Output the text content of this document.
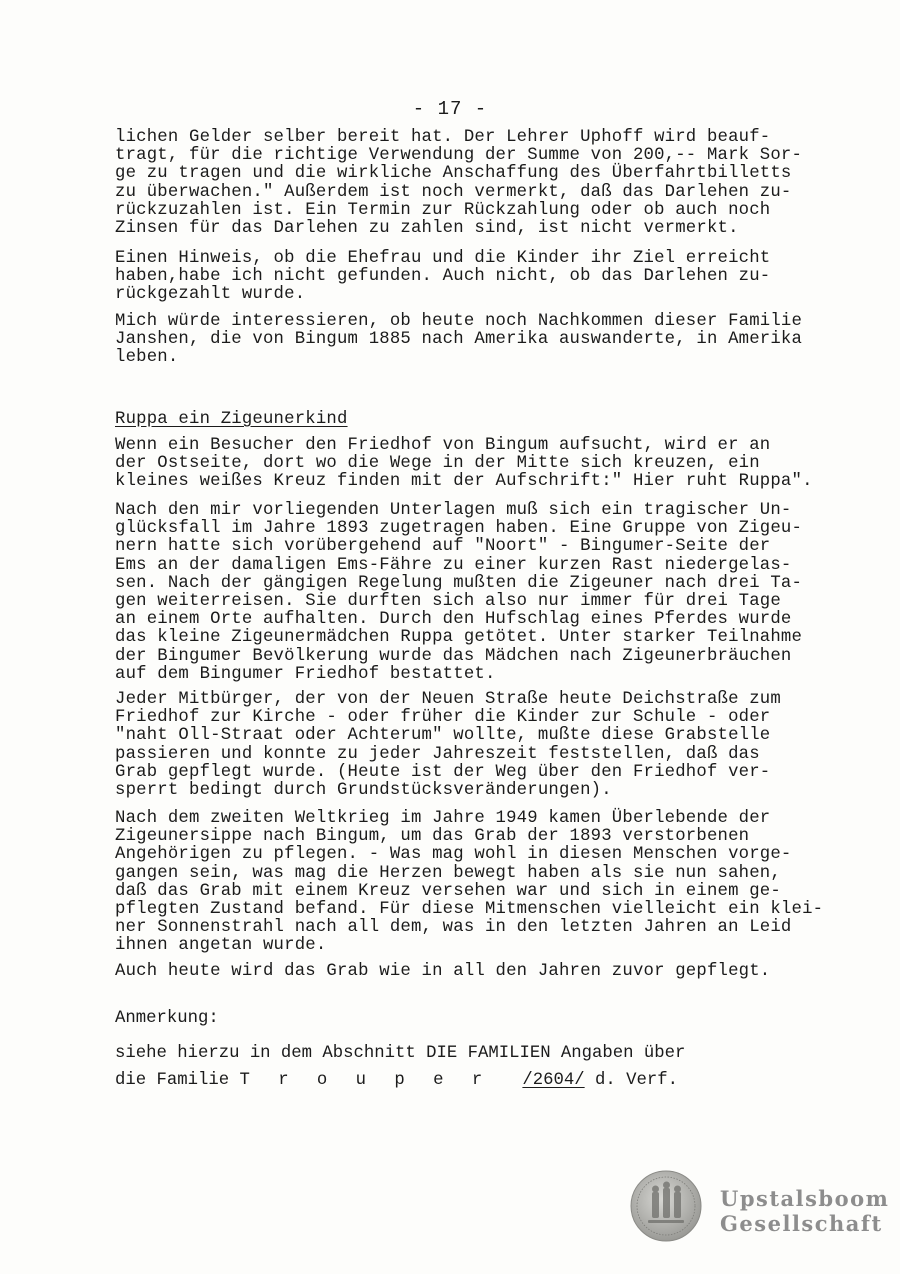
- 17 -
lichen Gelder selber bereit hat. Der Lehrer Uphoff wird beauf-
tragt, für die richtige Verwendung der Summe von 200,-- Mark Sor-
ge zu tragen und die wirkliche Anschaffung des Überfahrtbilletts
zu überwachen." Außerdem ist noch vermerkt, daß das Darlehen zu-
rückzuzahlen ist. Ein Termin zur Rückzahlung oder ob auch noch
Zinsen für das Darlehen zu zahlen sind, ist nicht vermerkt.
Einen Hinweis, ob die Ehefrau und die Kinder ihr Ziel erreicht
haben,habe ich nicht gefunden. Auch nicht, ob das Darlehen zu-
rückgezahlt wurde.
Mich würde interessieren, ob heute noch Nachkommen dieser Familie
Janshen, die von Bingum 1885 nach Amerika auswanderte, in Amerika
leben.
Ruppa ein Zigeunerkind
Wenn ein Besucher den Friedhof von Bingum aufsucht, wird er an
der Ostseite, dort wo die Wege in der Mitte sich kreuzen, ein
kleines weißes Kreuz finden mit der Aufschrift:" Hier ruht Ruppa".
Nach den mir vorliegenden Unterlagen muß sich ein tragischer Un-
glücksfall im Jahre 1893 zugetragen haben. Eine Gruppe von Zigeu-
nern hatte sich vorübergehend auf "Noort" - Bingumer-Seite der
Ems an der damaligen Ems-Fähre zu einer kurzen Rast niedergelas-
sen. Nach der gängigen Regelung mußten die Zigeuner nach drei Ta-
gen weiterreisen. Sie durften sich also nur immer für drei Tage
an einem Orte aufhalten. Durch den Hufschlag eines Pferdes wurde
das kleine Zigeunermädchen Ruppa getötet. Unter starker Teilnahme
der Bingumer Bevölkerung wurde das Mädchen nach Zigeunerbräuchen
auf dem Bingumer Friedhof bestattet.
Jeder Mitbürger, der von der Neuen Straße heute Deichstraße zum
Friedhof zur Kirche - oder früher die Kinder zur Schule - oder
"naht Oll-Straat oder Achterum" wollte, mußte diese Grabstelle
passieren und konnte zu jeder Jahreszeit feststellen, daß das
Grab gepflegt wurde. (Heute ist der Weg über den Friedhof ver-
sperrt bedingt durch Grundstücksveränderungen).
Nach dem zweiten Weltkrieg im Jahre 1949 kamen Überlebende der
Zigeunersippe nach Bingum, um das Grab der 1893 verstorbenen
Angehörigen zu pflegen. - Was mag wohl in diesen Menschen vorge-
gangen sein, was mag die Herzen bewegt haben als sie nun sahen,
daß das Grab mit einem Kreuz versehen war und sich in einem ge-
pflegten Zustand befand. Für diese Mitmenschen vielleicht ein klei-
ner Sonnenstrahl nach all dem, was in den letzten Jahren an Leid
ihnen angetan wurde.
Auch heute wird das Grab wie in all den Jahren zuvor gepflegt.
Anmerkung:
siehe hierzu in dem Abschnitt DIE FAMILIEN Angaben über
die Familie T r o u p e r /2604/ d. Verf.
Upstalsboom
Gesellschaft
